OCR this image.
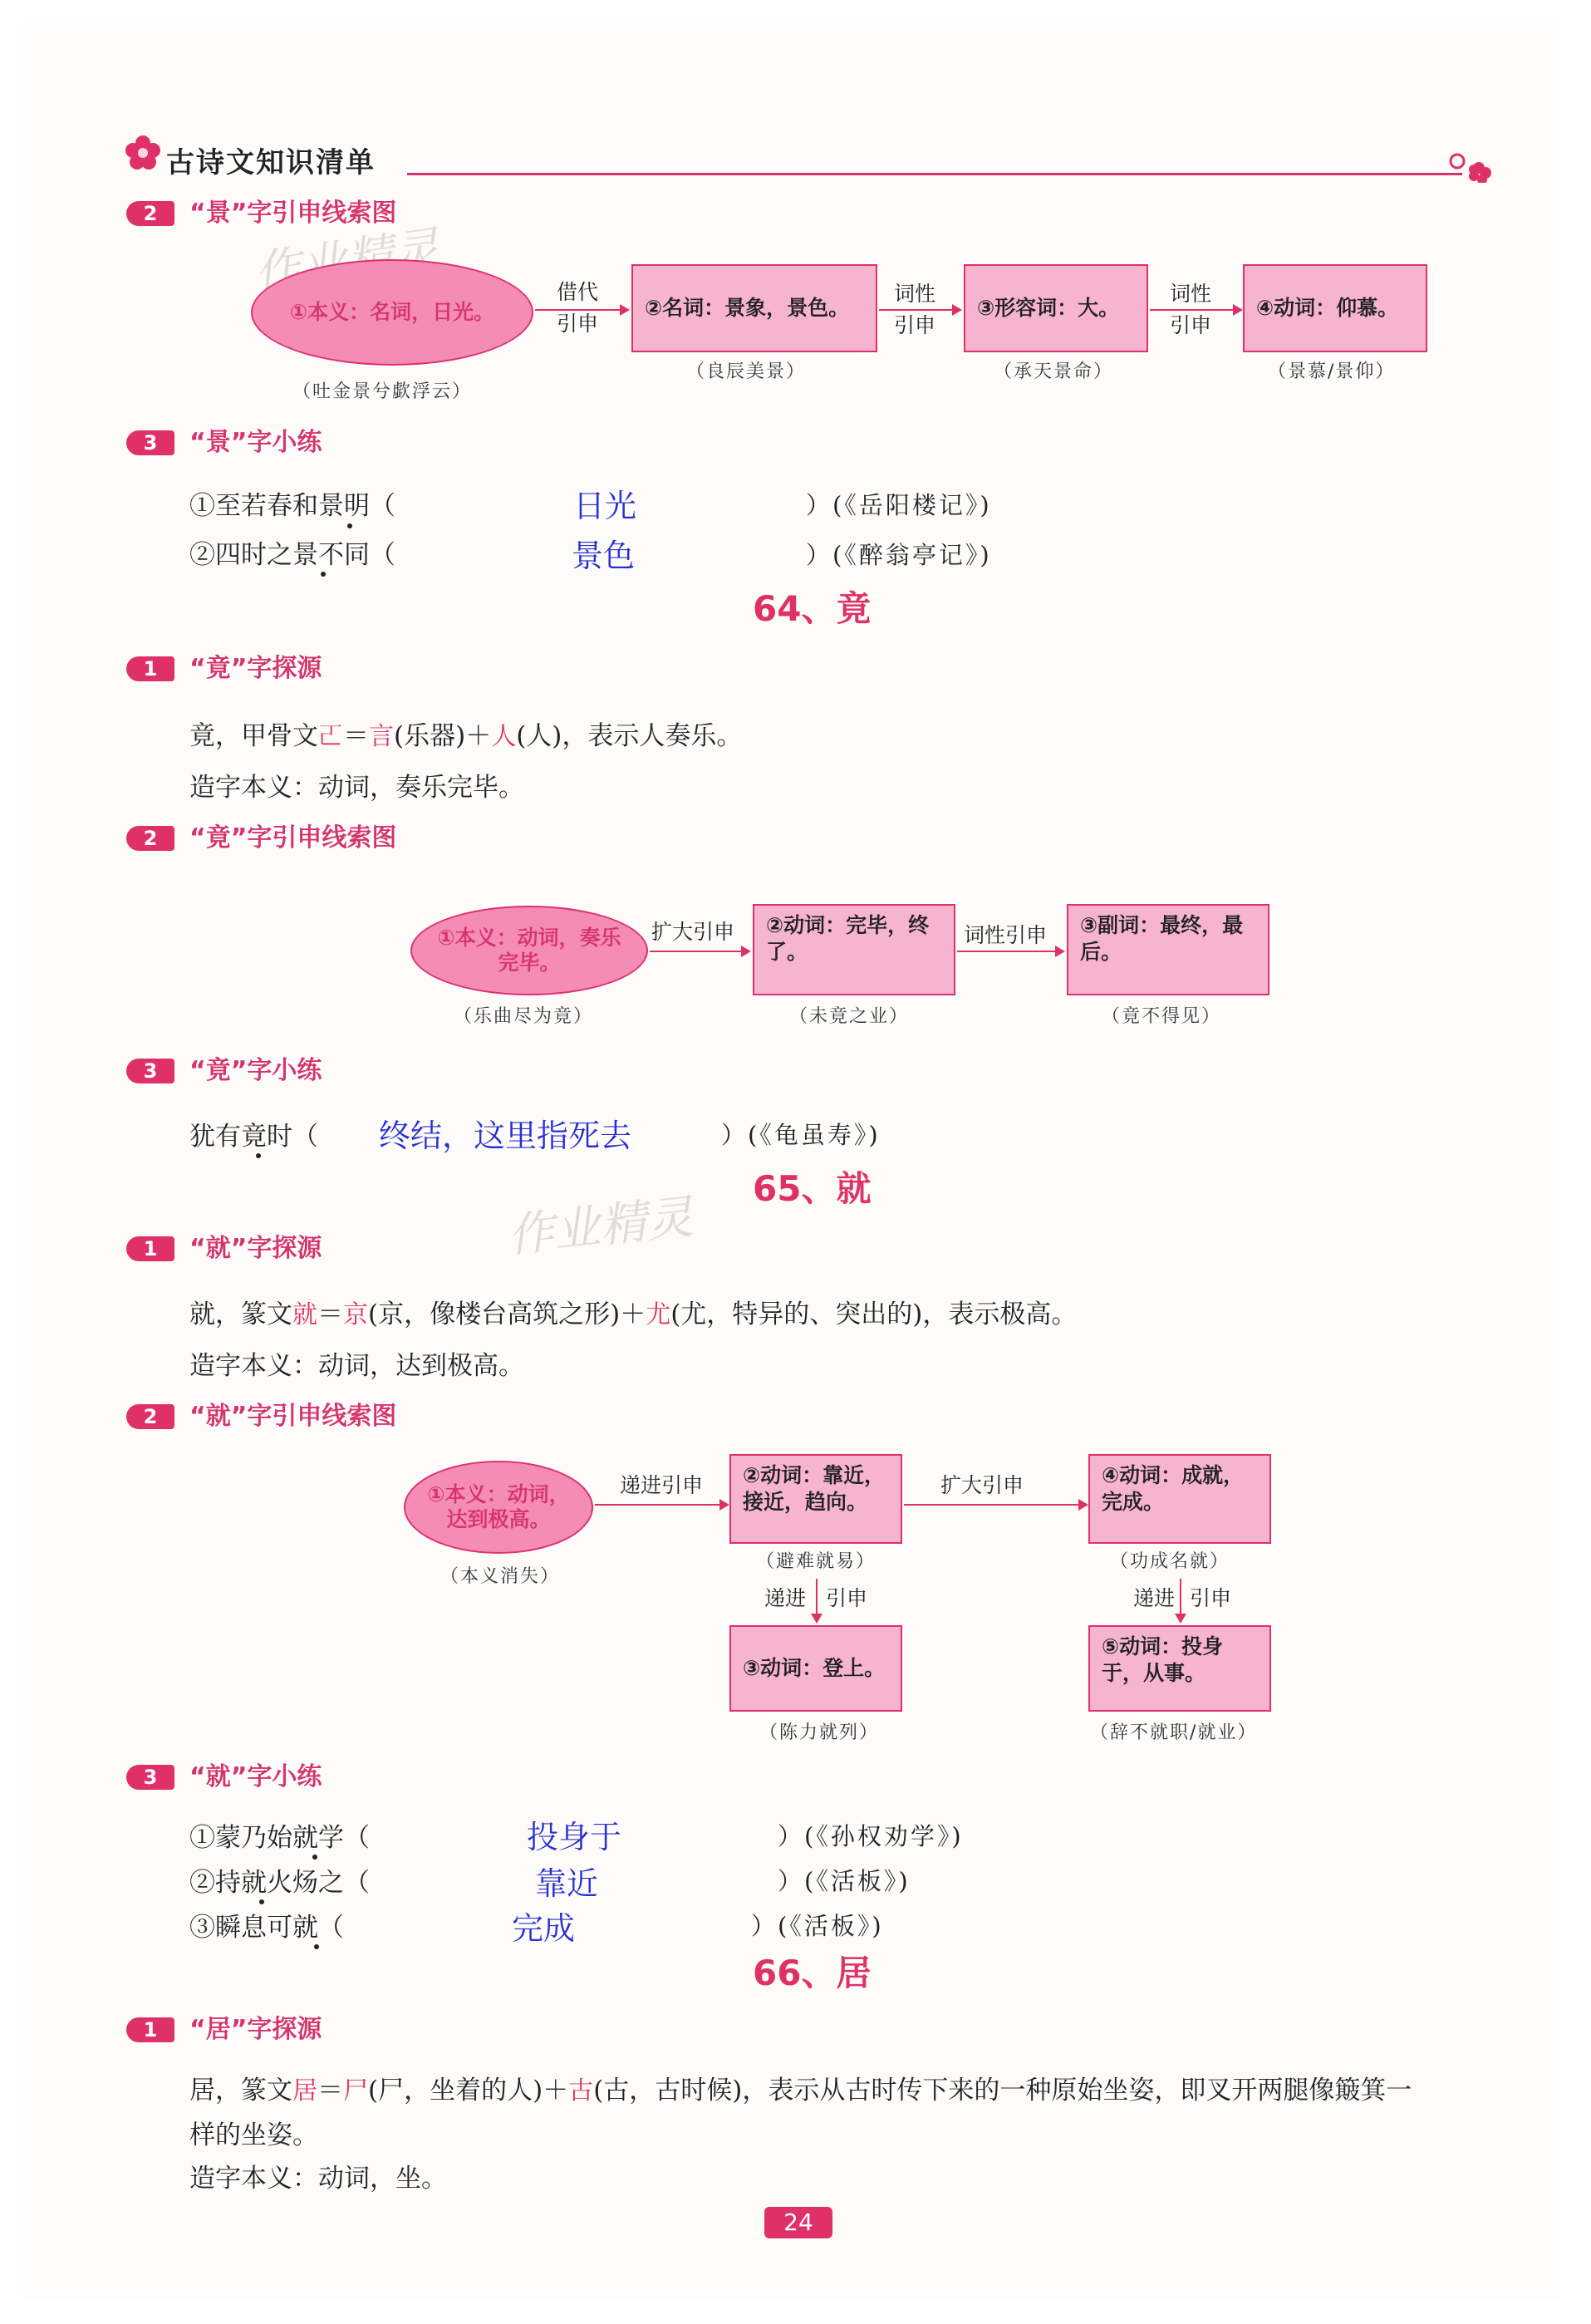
古诗文知识清单
2	“景”字引申线索图
①本义：名词，日光。
（吐金景兮歔浮云）
借代
引申
②名词：景象，景色。
（良辰美景）
词性
引申
③形容词：大。
（承天景命）
词性
引申
④动词：仰慕。
（景慕/景仰）
3	“景”字小练
①至若春和景明（	日光	）(《岳阳楼记》)
②四时之景不同（	景色	）(《醉翁亭记》)
64、竟
1	“竟”字探源
竟，甲骨文𠀀＝言(乐器)＋人(人)，表示人奏乐。
造字本义：动词，奏乐完毕。
2	“竟”字引申线索图
①本义：动词，奏乐完毕。
（乐曲尽为竟）
扩大引申	②动词：完毕，终了。
（未竟之业）
词性引申	③副词：最终，最后。
（竟不得见）
3	“竟”字小练
犹有竟时（ 终结，这里指死去	）(《龟虽寿》)
65、就
作业精灵
1	“就”字探源
就，篆文就＝京(京，像楼台高筑之形)＋尤(尤，特异的、突出的)，表示极高。
造字本义：动词，达到极高。
2	“就”字引申线索图
①本义：动词，达到极高。
（本义消失）
递进引申	②动词：靠近，接近，趋向。
（避难就易）
扩大引申	④动词：成就，完成。
（功成名就）
递进 引申
③动词：登上。
（陈力就列）
递进 引申
⑤动词：投身于，从事。
（辞不就职/就业）
3	“就”字小练
①蒙乃始就学（	投身于	）(《孙权劝学》)
②持就火炀之（	靠近	）(《活板》)
③瞬息可就（	完成	）(《活板》)
66、居
1	“居”字探源
居，篆文居＝尸(尸，坐着的人)＋古(古，古时候)，表示从古时传下来的一种原始坐姿，即叉开两腿像簸箕一
样的坐姿。
造字本义：动词，坐。
24
